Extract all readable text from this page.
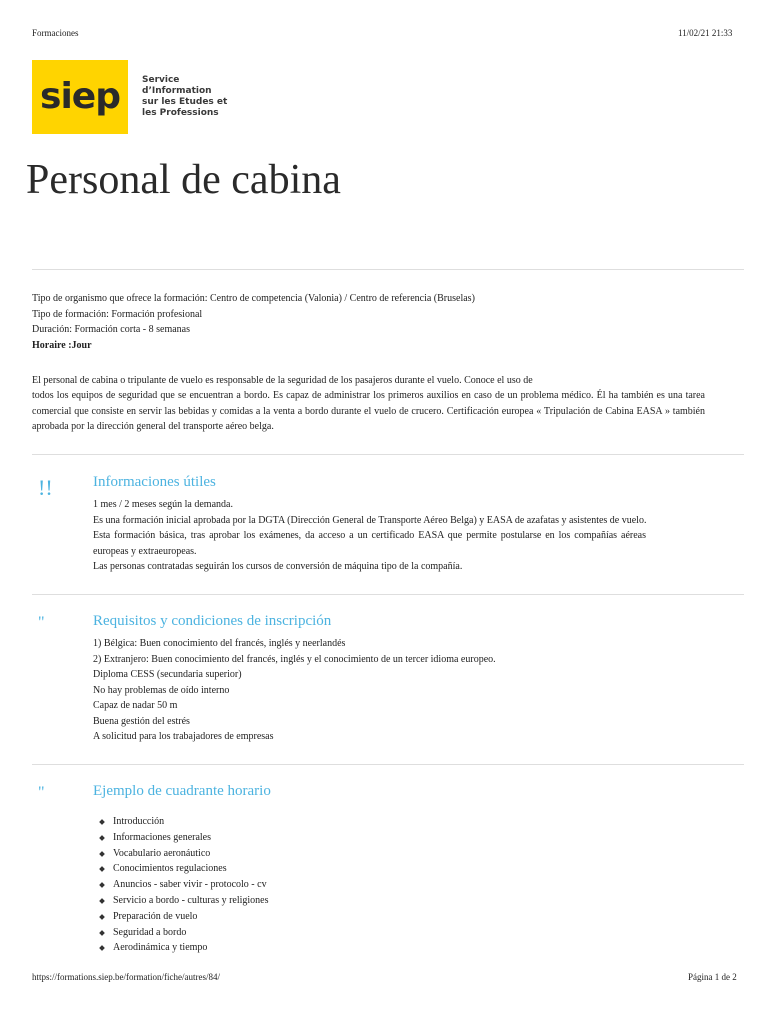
Formaciones	11/02/21 21:33
siep Service
d’Information
sur les Etudes et
les Professions
Personal de cabina
Tipo de organismo que ofrece la formación: Centro de competencia (Valonia) / Centro de referencia (Bruselas)
Tipo de formación: Formación profesional
Duración: Formación corta - 8 semanas
Horaire :Jour
El personal de cabina o tripulante de vuelo es responsable de la seguridad de los pasajeros durante el vuelo. Conoce el uso de
todos los equipos de seguridad que se encuentran a bordo. Es capaz de administrar los primeros auxilios en caso de un problema médico. Él ha también es una tarea comercial que consiste en servir las bebidas y comidas a la venta a bordo durante el vuelo de crucero. Certificación europea « Tripulación de Cabina EASA » también aprobada por la dirección general del transporte aéreo belga.
!!	Informaciones útiles
1 mes / 2 meses según la demanda.
Es una formación inicial aprobada por la DGTA (Dirección General de Transporte Aéreo Belga) y EASA de azafatas y asistentes de vuelo.
Esta formación básica, tras aprobar los exámenes, da acceso a un certificado EASA que permite postularse en los compañías aéreas europeas y extraeuropeas.
Las personas contratadas seguirán los cursos de conversión de máquina tipo de la compañía.
"	Requisitos y condiciones de inscripción
1) Bélgica: Buen conocimiento del francés, inglés y neerlandés
2) Extranjero: Buen conocimiento del francés, inglés y el conocimiento de un tercer idioma europeo.
Diploma CESS (secundaria superior)
No hay problemas de oído interno
Capaz de nadar 50 m
Buena gestión del estrés
A solicitud para los trabajadores de empresas
"	Ejemplo de cuadrante horario
Introducción
Informaciones generales
Vocabulario aeronáutico
Conocimientos regulaciones
Anuncios - saber vivir - protocolo - cv
Servicio a bordo - culturas y religiones
Preparación de vuelo
Seguridad a bordo
Aerodinámica y tiempo
https://formations.siep.be/formation/fiche/autres/84/	Página 1 de 2
